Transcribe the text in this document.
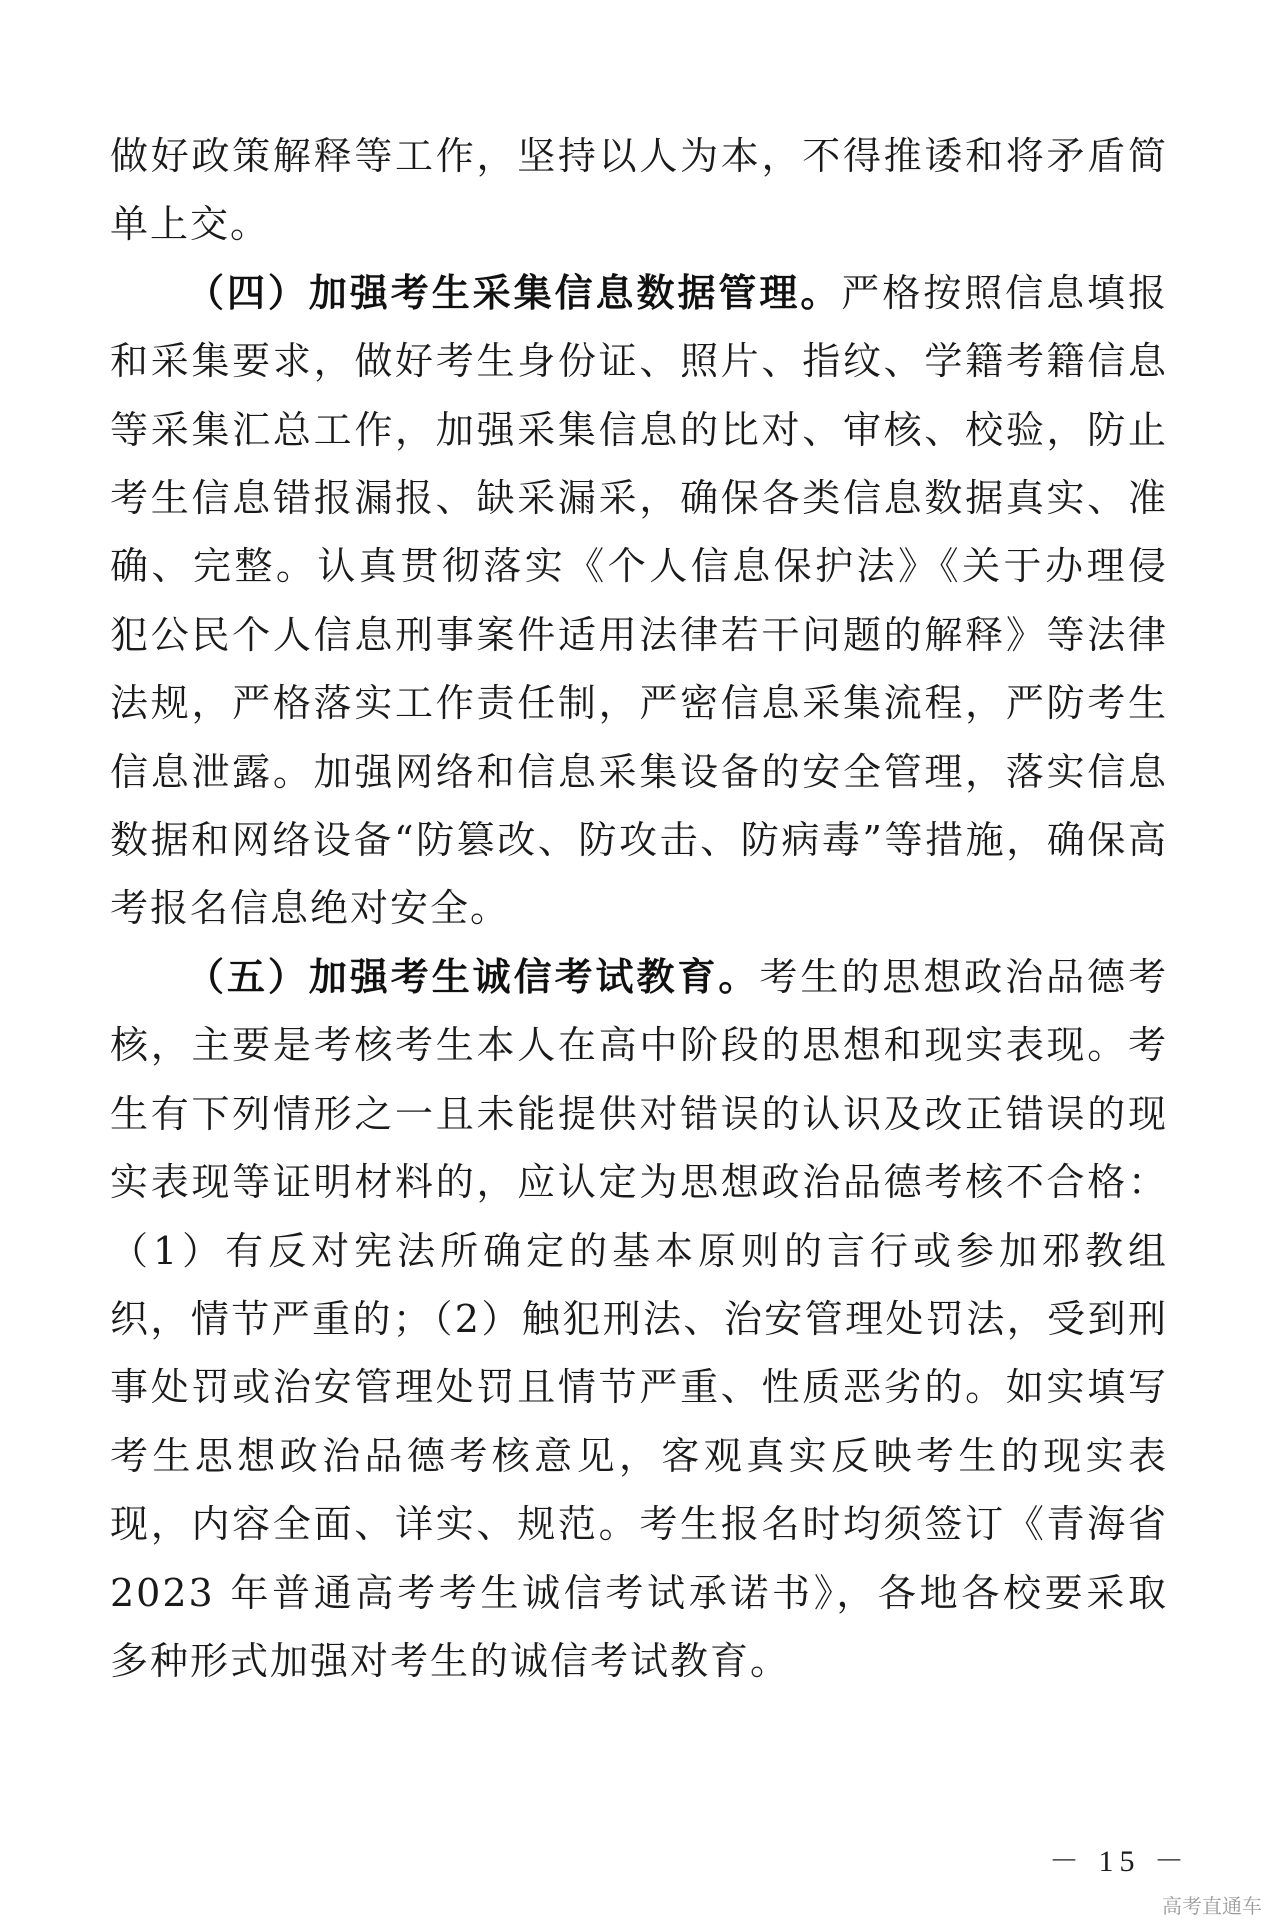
做好政策解释等工作，坚持以人为本，不得推诿和将矛盾简单上交。

（四）加强考生采集信息数据管理。严格按照信息填报和采集要求，做好考生身份证、照片、指纹、学籍考籍信息等采集汇总工作，加强采集信息的比对、审核、校验，防止考生信息错报漏报、缺采漏采，确保各类信息数据真实、准确、完整。认真贯彻落实《个人信息保护法》《关于办理侵犯公民个人信息刑事案件适用法律若干问题的解释》等法律法规，严格落实工作责任制，严密信息采集流程，严防考生信息泄露。加强网络和信息采集设备的安全管理，落实信息数据和网络设备“防篡改、防攻击、防病毒”等措施，确保高考报名信息绝对安全。

（五）加强考生诚信考试教育。考生的思想政治品德考核，主要是考核考生本人在高中阶段的思想和现实表现。考生有下列情形之一且未能提供对错误的认识及改正错误的现实表现等证明材料的，应认定为思想政治品德考核不合格：（1）有反对宪法所确定的基本原则的言行或参加邪教组织，情节严重的；（2）触犯刑法、治安管理处罚法，受到刑事处罚或治安管理处罚且情节严重、性质恶劣的。如实填写考生思想政治品德考核意见，客观真实反映考生的现实表现，内容全面、详实、规范。考生报名时均须签订《青海省 2023 年普通高考考生诚信考试承诺书》，各地各校要采取多种形式加强对考生的诚信考试教育。

－ 15 －
高考直通车
